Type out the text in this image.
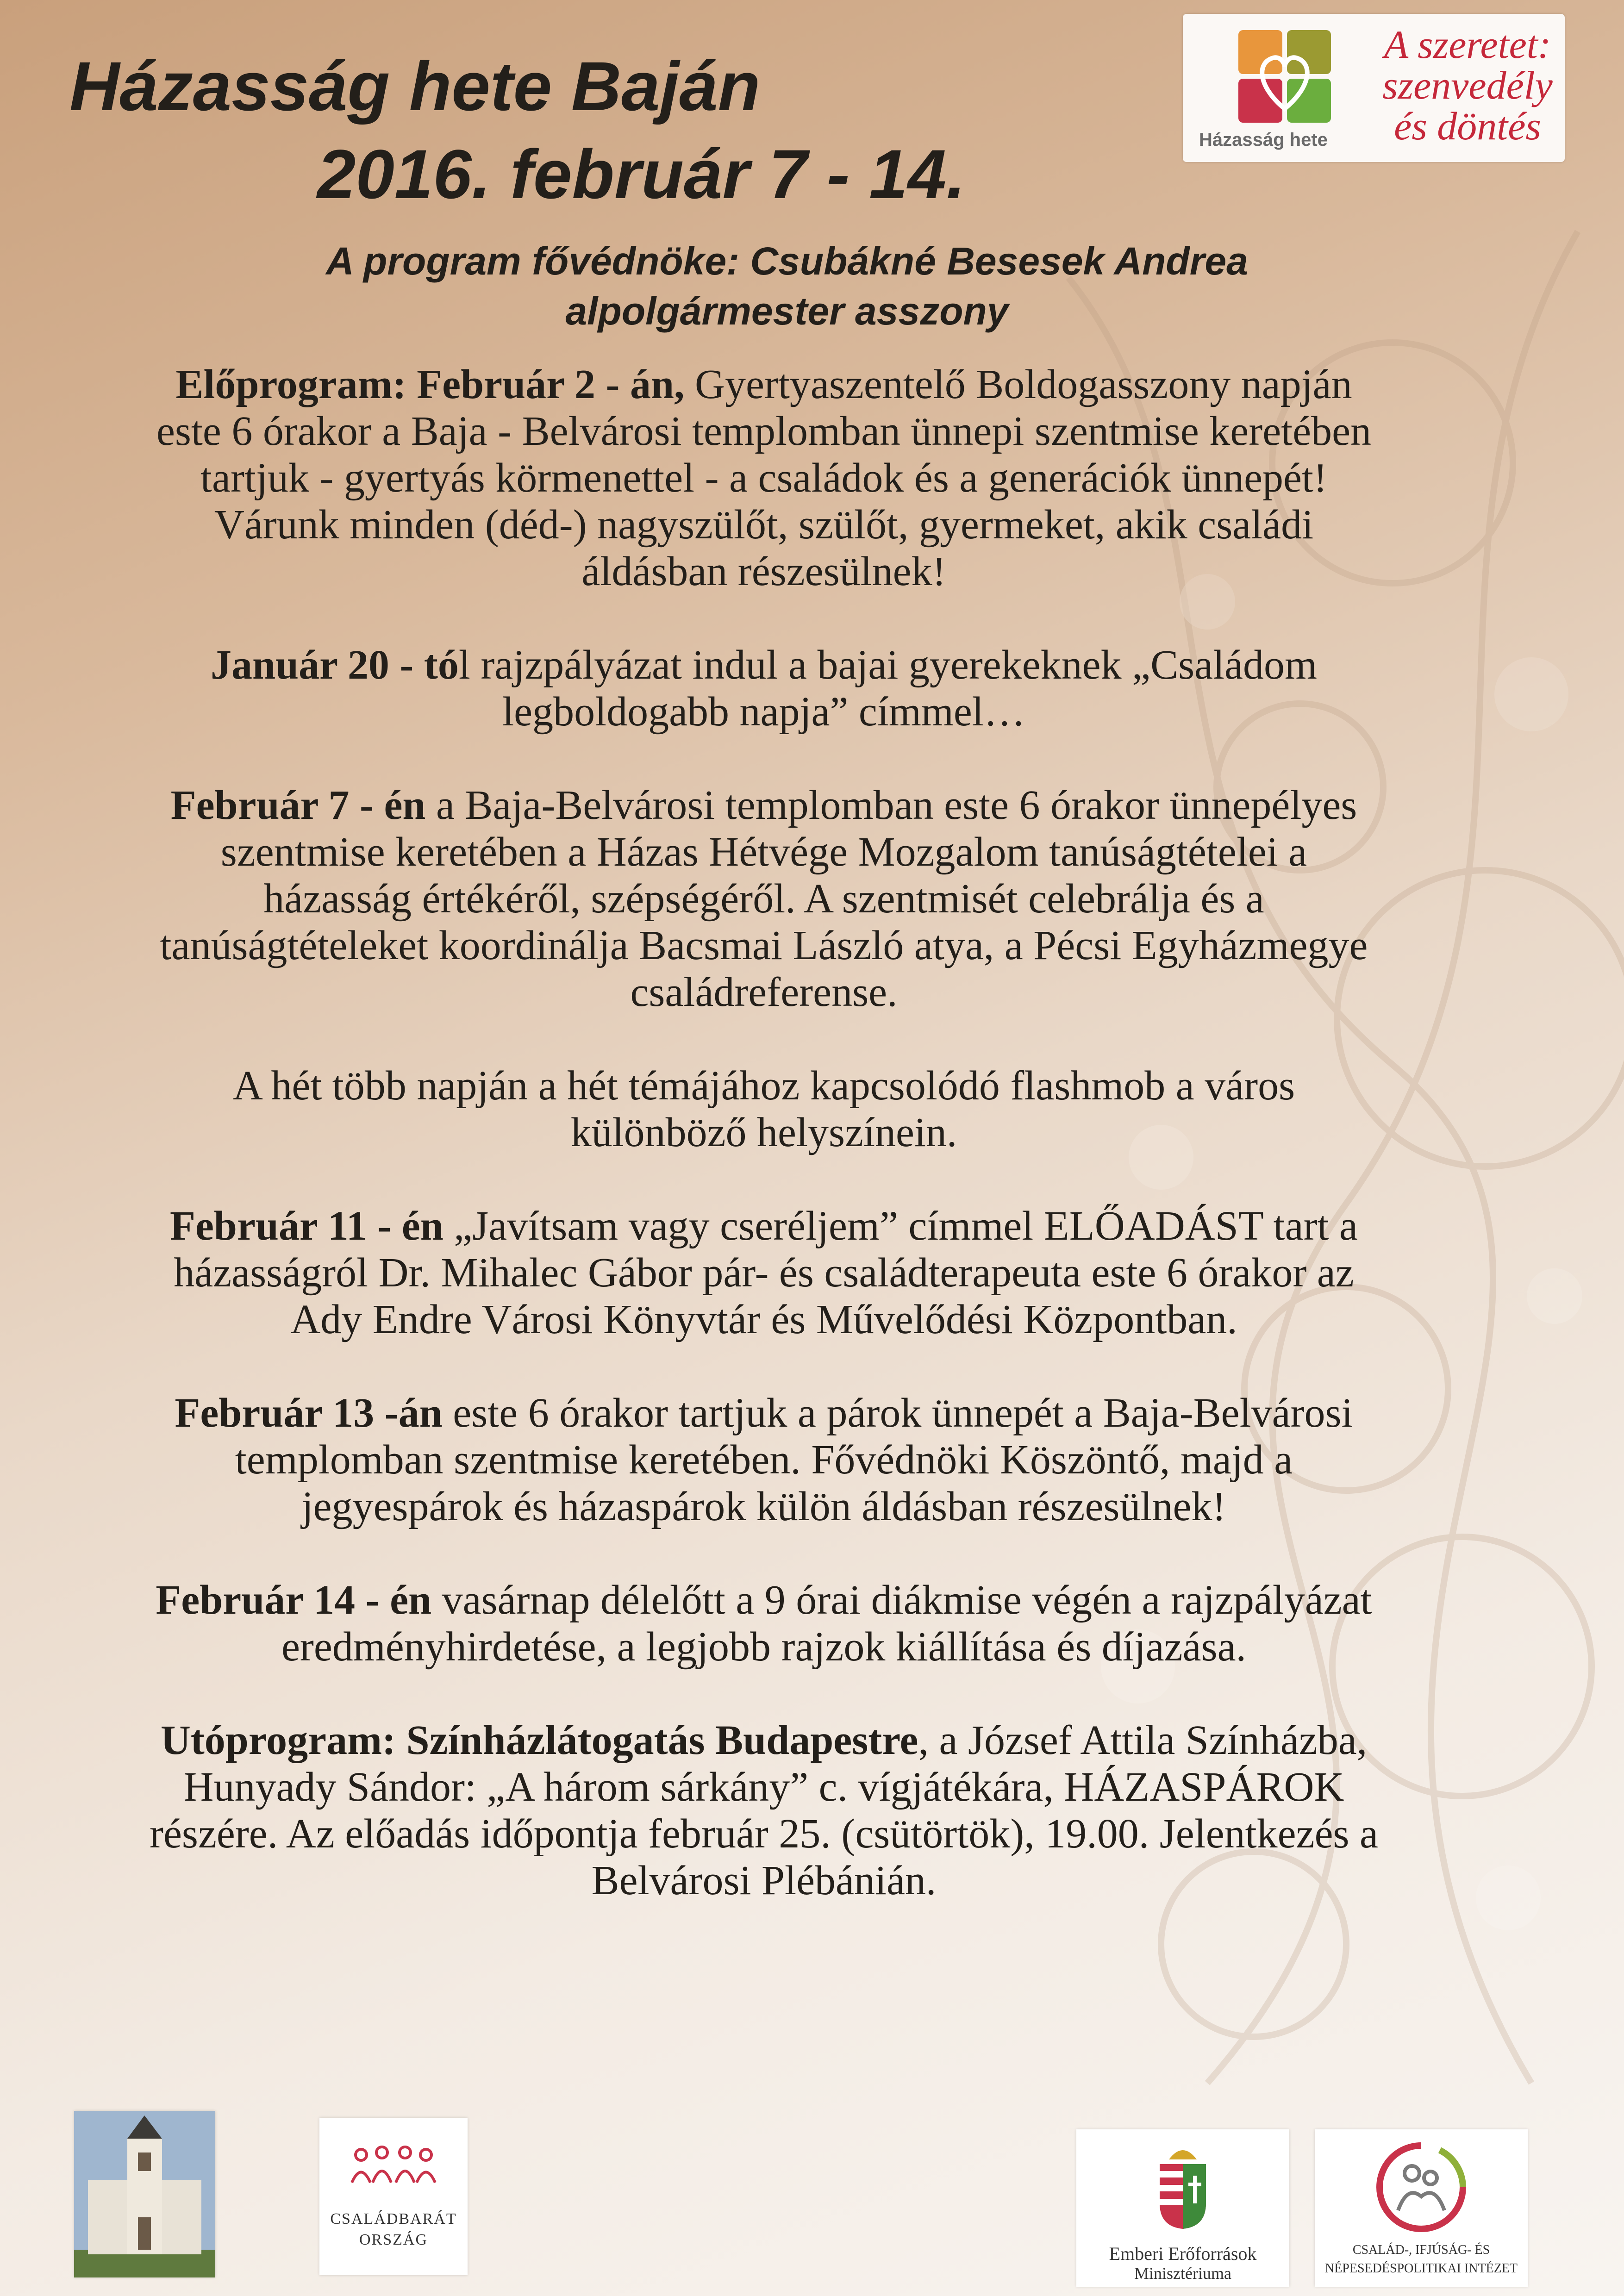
Házasság hete Baján
2016. február 7 - 14.
A program fővédnöke: Csubákné Besesek Andrea
alpolgármester asszony
Házasság hete
A szeretet:
szenvedély
és döntés

Előprogram: Február 2 - án, Gyertyaszentelő Boldogasszony napján
este 6 órakor a Baja - Belvárosi templomban ünnepi szentmise keretében
tartjuk - gyertyás körmenettel - a családok és a generációk ünnepét!
Várunk minden (déd-) nagyszülőt, szülőt, gyermeket, akik családi
áldásban részesülnek!

Január 20 - tól rajzpályázat indul a bajai gyerekeknek „Családom
legboldogabb napja” címmel…

Február 7 - én a Baja-Belvárosi templomban este 6 órakor ünnepélyes
szentmise keretében a Házas Hétvége Mozgalom tanúságtételei a
házasság értékéről, szépségéről. A szentmisét celebrálja és a
tanúságtételeket koordinálja Bacsmai László atya, a Pécsi Egyházmegye
családreferense.

A hét több napján a hét témájához kapcsolódó flashmob a város
különböző helyszínein.

Február 11 - én „Javítsam vagy cseréljem” címmel ELŐADÁST tart a
házasságról Dr. Mihalec Gábor pár- és családterapeuta este 6 órakor az
Ady Endre Városi Könyvtár és Művelődési Központban.

Február 13 -án este 6 órakor tartjuk a párok ünnepét a Baja-Belvárosi
templomban szentmise keretében. Fővédnöki Köszöntő, majd a
jegyespárok és házaspárok külön áldásban részesülnek!

Február 14 - én vasárnap délelőtt a 9 órai diákmise végén a rajzpályázat
eredményhirdetése, a legjobb rajzok kiállítása és díjazása.

Utóprogram: Színházlátogatás Budapestre, a József Attila Színházba,
Hunyady Sándor: „A három sárkány” c. vígjátékára, HÁZASPÁROK
részére. Az előadás időpontja február 25. (csütörtök), 19.00. Jelentkezés a
Belvárosi Plébánián.

CSALÁDBARÁT
ORSZÁG
Emberi Erőforrások
Minisztériuma
CSALÁD-, IFJÚSÁG- ÉS
NÉPESEDÉSPOLITIKAI INTÉZET
